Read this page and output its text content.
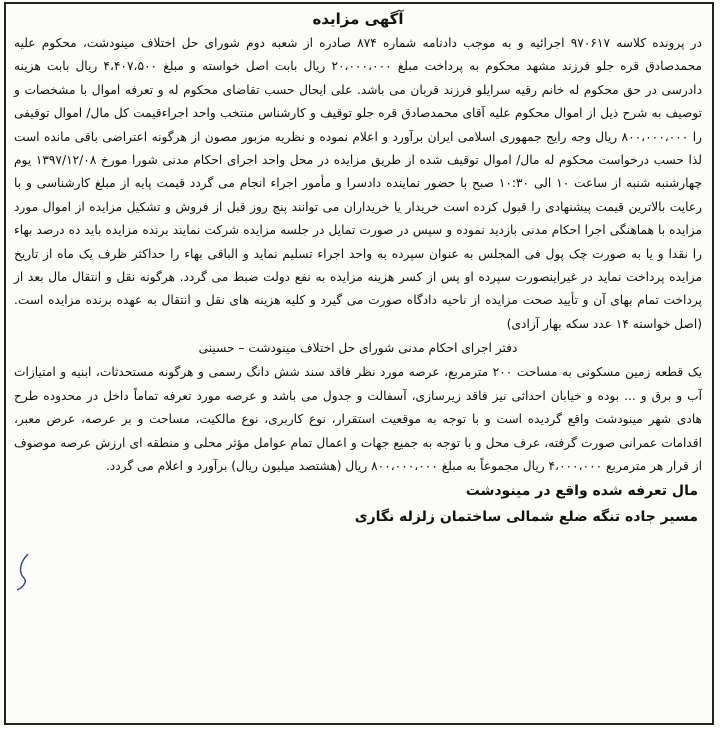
آگهی مزایده

در پرونده کلاسه ۹۷۰۶۱۷ اجرائیه و به موجب دادنامه شماره ۸۷۴ صادره از شعبه دوم شورای حل اختلاف مینودشت، محکوم علیه محمدصادق قره جلو فرزند مشهد محکوم به پرداخت مبلغ ۲۰،۰۰۰،۰۰۰ ریال بابت اصل خواسته و مبلغ ۴،۴۰۷،۵۰۰ ریال بابت هزینه دادرسی در حق محکوم له خانم رقیه سرایلو فرزند قربان می باشد. علی ایحال حسب تقاضای محکوم له و تعرفه اموال با مشخصات و توصیف به شرح ذیل از اموال محکوم علیه آقای محمدصادق قره جلو توقیف و کارشناس منتخب واحد اجراءقیمت کل مال/ اموال توقیفی را ۸۰۰،۰۰۰،۰۰۰ ریال وجه رایج جمهوری اسلامی ایران برآورد و اعلام نموده و نظریه مزبور مصون از هرگونه اعتراضی باقی مانده است لذا حسب درخواست محکوم له مال/ اموال توقیف شده از طریق مزایده در محل واحد اجرای احکام مدنی شورا مورخ ۱۳۹۷/۱۲/۰۸ یوم چهارشنبه شنبه از ساعت ۱۰ الی ۱۰:۳۰ صبح با حضور نماینده دادسرا و مأمور اجراء انجام می گردد قیمت پایه از مبلغ کارشناسی و با رعایت بالاترین قیمت پیشنهادی را قبول کرده است خریدار یا خریداران می توانند پنج روز قبل از فروش و تشکیل مزایده از اموال مورد مزایده با هماهنگی اجرا احکام مدنی بازدید نموده و سپس در صورت تمایل در جلسه مزایده شرکت نمایند برنده مزایده باید ده درصد بهاء را نقدا و یا به صورت چک پول فی المجلس به عنوان سپرده به واحد اجراء تسلیم نماید و الباقی بهاء را حداکثر ظرف یک ماه از تاریخ مزایده پرداخت نماید در غیراینصورت سپرده او پس از کسر هزینه مزایده به نفع دولت ضبط می گردد. هرگونه نقل و انتقال مال بعد از پرداخت تمام بهای آن و تأیید صحت مزایده از ناحیه دادگاه صورت می گیرد و کلیه هزینه های نقل و انتقال به عهده برنده مزایده است.(اصل خواسته ۱۴ عدد سکه بهار آزادی)

دفتر اجرای احکام مدنی شورای حل اختلاف مینودشت – حسینی

یک قطعه زمین مسکونی به مساحت ۲۰۰ مترمربع، عرصه مورد نظر فاقد سند شش دانگ رسمی و هرگونه مستحدثات، ابنیه و امتیازات آب و برق و ... بوده و خیابان احداثی نیز فاقد زیرسازی، آسفالت و جدول می باشد و عرصه مورد تعرفه تماماً داخل در محدوده طرح هادی شهر مینودشت واقع گردیده است و با توجه به موقعیت استقرار، نوع کاربری، نوع مالکیت، مساحت و بر عرصه، عرض معبر، اقدامات عمرانی صورت گرفته، عرف محل و با توجه به جمیع جهات و اعمال تمام عوامل مؤثر محلی و منطقه ای ارزش عرصه موصوف از قرار هر مترمربع ۴،۰۰۰،۰۰۰ ریال مجموعاً به مبلغ ۸۰۰،۰۰۰،۰۰۰ ریال (هشتصد میلیون ریال) برآورد و اعلام می گردد.

مال تعرفه شده واقع در مینودشت
مسیر جاده تنگه ضلع شمالی ساختمان زلزله نگاری
